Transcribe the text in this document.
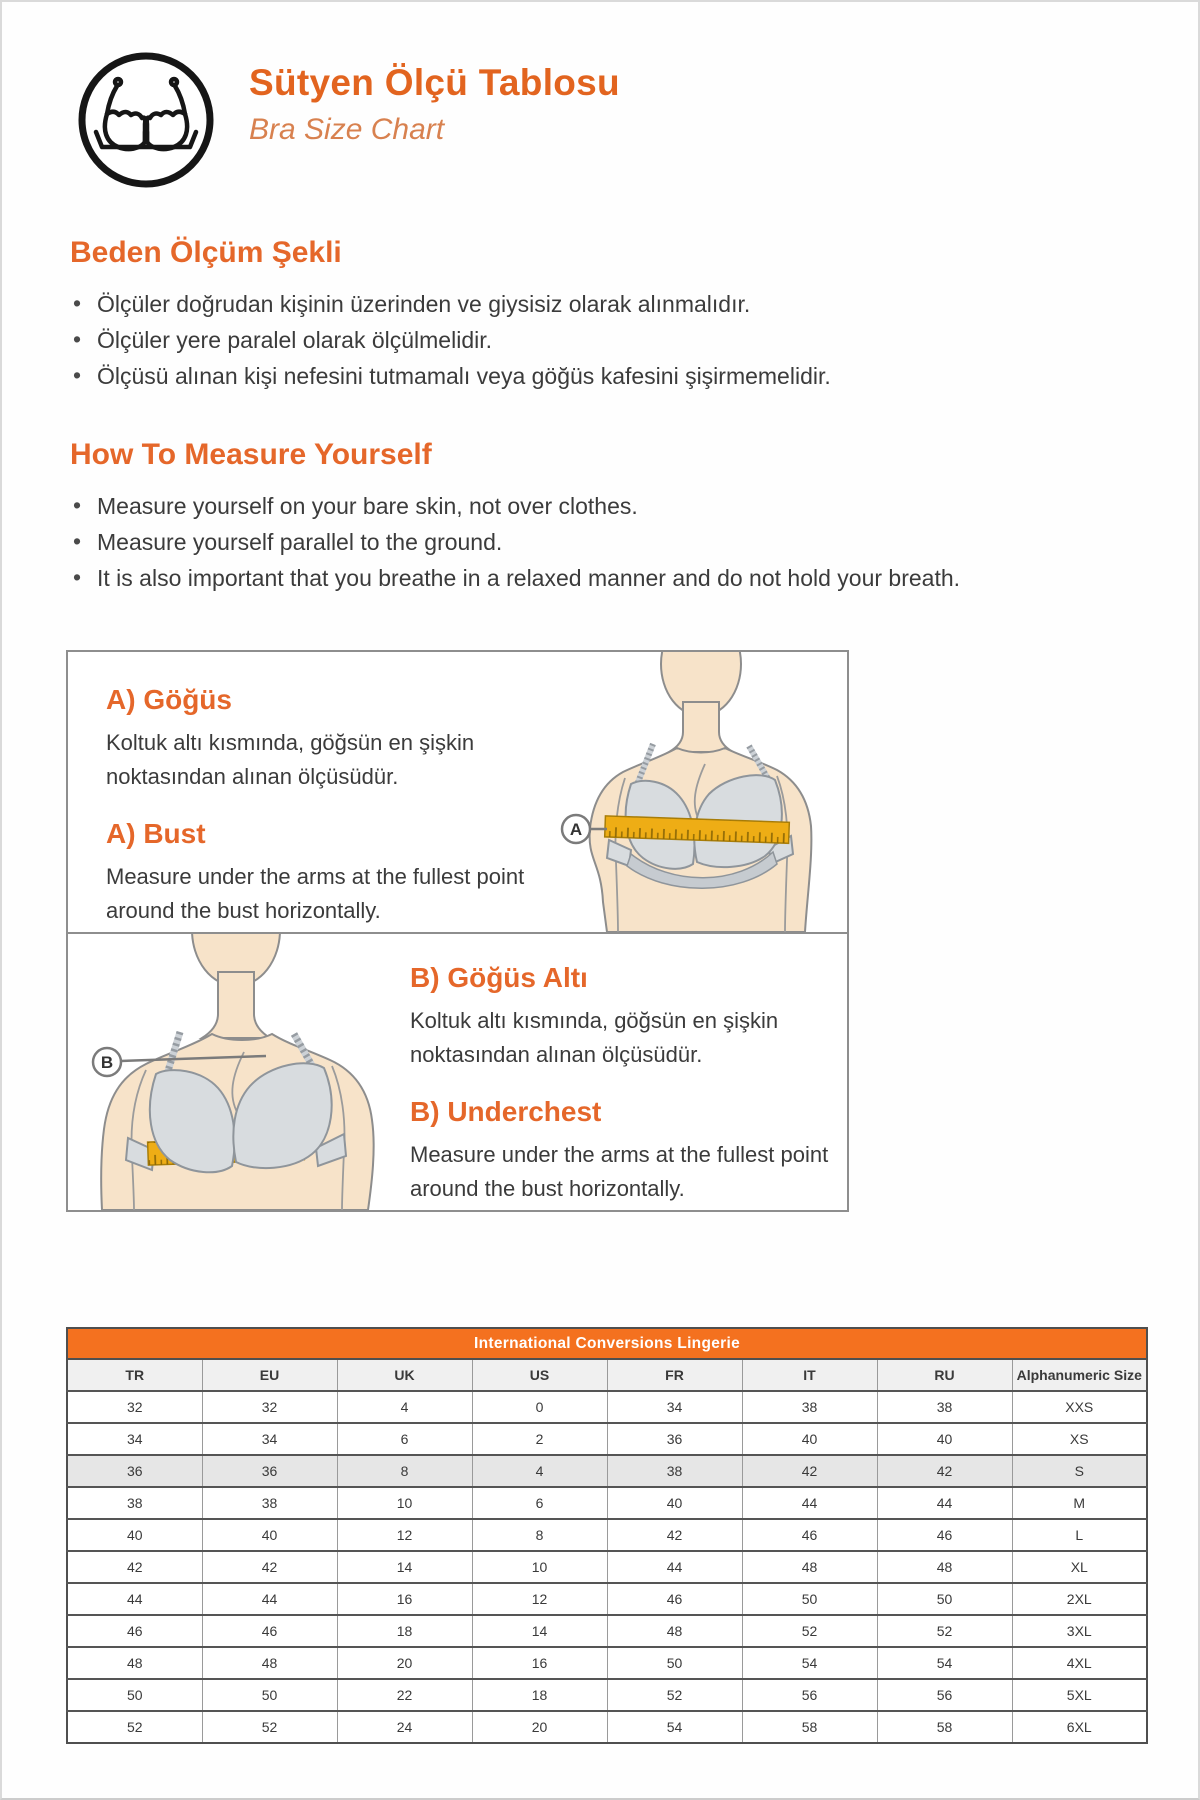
Sütyen Ölçü Tablosu
Bra Size Chart
Beden Ölçüm Şekli
• Ölçüler doğrudan kişinin üzerinden ve giysisiz olarak alınmalıdır.
• Ölçüler yere paralel olarak ölçülmelidir.
• Ölçüsü alınan kişi nefesini tutmamalı veya göğüs kafesini şişirmemelidir.
How To Measure Yourself
• Measure yourself on your bare skin, not over clothes.
• Measure yourself parallel to the ground.
• It is also important that you breathe in a relaxed manner and do not hold your breath.
A) Göğüs

Koltuk altı kısmında, göğsün en şişkin noktasından alınan ölçüsüdür.

A) Bust

Measure under the arms at the fullest point around the bust horizontally.

A
B
B) Göğüs Altı

Koltuk altı kısmında, göğsün en şişkin noktasından alınan ölçüsüdür.

B) Underchest

Measure under the arms at the fullest point around the bust horizontally.

International Conversions Lingerie							
TR	EU	UK	US	FR	IT	RU	Alphanumeric Size
32	32	4	0	34	38	38	XXS
34	34	6	2	36	40	40	XS
36	36	8	4	38	42	42	S
38	38	10	6	40	44	44	M
40	40	12	8	42	46	46	L
42	42	14	10	44	48	48	XL
44	44	16	12	46	50	50	2XL
46	46	18	14	48	52	52	3XL
48	48	20	16	50	54	54	4XL
50	50	22	18	52	56	56	5XL
52	52	24	20	54	58	58	6XL
